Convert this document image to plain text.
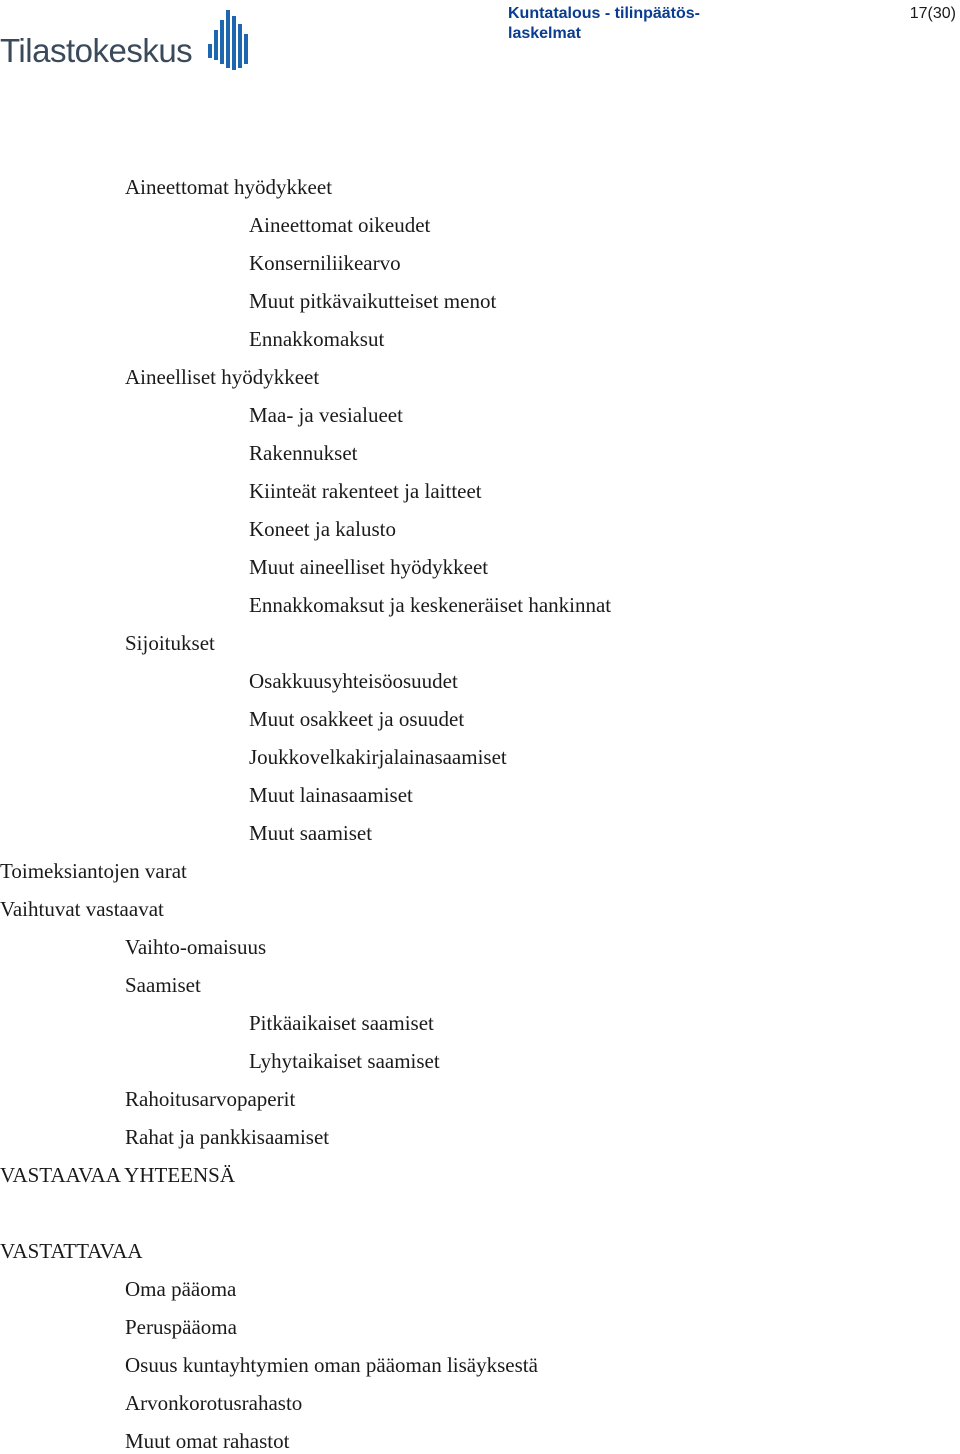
Tilastokeskus
Kuntatalous - tilinpäätös-laskelmat
17(30)
Aineettomat hyödykkeet
Aineettomat oikeudet
Konserniliikearvo
Muut pitkävaikutteiset menot
Ennakkomaksut
Aineelliset hyödykkeet
Maa- ja vesialueet
Rakennukset
Kiinteät rakenteet ja laitteet
Koneet ja kalusto
Muut aineelliset hyödykkeet
Ennakkomaksut ja keskeneräiset hankinnat
Sijoitukset
Osakkuusyhteisöosuudet
Muut osakkeet ja osuudet
Joukkovelkakirjalainasaamiset
Muut lainasaamiset
Muut saamiset
Toimeksiantojen varat
Vaihtuvat vastaavat
Vaihto-omaisuus
Saamiset
Pitkäaikaiset saamiset
Lyhytaikaiset saamiset
Rahoitusarvopaperit
Rahat ja pankkisaamiset
VASTAAVAA YHTEENSÄ
VASTATTAVAA
Oma pääoma
Peruspääoma
Osuus kuntayhtymien oman pääoman lisäyksestä
Arvonkorotusrahasto
Muut omat rahastot
